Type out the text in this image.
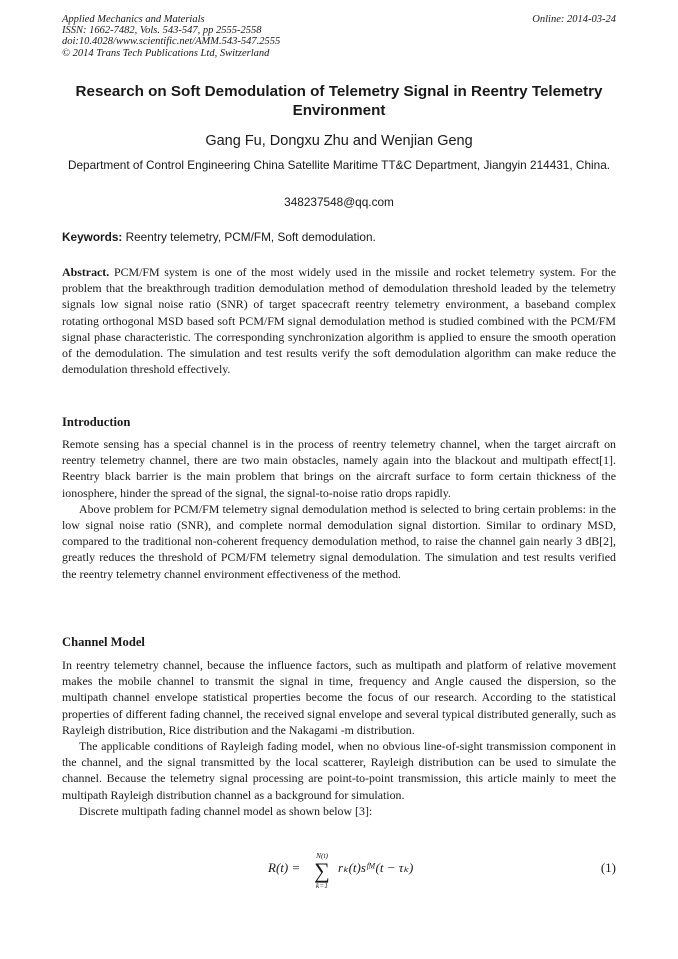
Applied Mechanics and Materials
ISSN: 1662-7482, Vols. 543-547, pp 2555-2558
doi:10.4028/www.scientific.net/AMM.543-547.2555
© 2014 Trans Tech Publications Ltd, Switzerland
Online: 2014-03-24
Research on Soft Demodulation of Telemetry Signal in Reentry Telemetry Environment
Gang Fu, Dongxu Zhu and Wenjian Geng
Department of Control Engineering China Satellite Maritime TT&C Department, Jiangyin 214431, China.
348237548@qq.com
Keywords: Reentry telemetry, PCM/FM, Soft demodulation.
Abstract. PCM/FM system is one of the most widely used in the missile and rocket telemetry system. For the problem that the breakthrough tradition demodulation method of demodulation threshold leaded by the telemetry signals low signal noise ratio (SNR) of target spacecraft reentry telemetry environment, a baseband complex rotating orthogonal MSD based soft PCM/FM signal demodulation method is studied combined with the PCM/FM signal phase characteristic. The corresponding synchronization algorithm is applied to ensure the smooth operation of the demodulation. The simulation and test results verify the soft demodulation algorithm can make reduce the demodulation threshold effectively.
Introduction

Remote sensing has a special channel is in the process of reentry telemetry channel, when the target aircraft on reentry telemetry channel, there are two main obstacles, namely again into the blackout and multipath effect[1]. Reentry black barrier is the main problem that brings on the aircraft surface to form certain thickness of the ionosphere, hinder the spread of the signal, the signal-to-noise ratio drops rapidly.

Above problem for PCM/FM telemetry signal demodulation method is selected to bring certain problems: in the low signal noise ratio (SNR), and complete normal demodulation signal distortion. Similar to ordinary MSD, compared to the traditional non-coherent frequency demodulation method, to raise the channel gain nearly 3 dB[2], greatly reduces the threshold of PCM/FM telemetry signal demodulation. The simulation and test results verified the reentry telemetry channel environment effectiveness of the method.

Channel Model

In reentry telemetry channel, because the influence factors, such as multipath and platform of relative movement makes the mobile channel to transmit the signal in time, frequency and Angle caused the dispersion, so the multipath channel envelope statistical properties become the focus of our research. According to the statistical properties of different fading channel, the received signal envelope and several typical distributed generally, such as Rayleigh distribution, Rice distribution and the Nakagami -m distribution.

The applicable conditions of Rayleigh fading model, when no obvious line-of-sight transmission component in the channel, and the signal transmitted by the local scatterer, Rayleigh distribution can be used to simulate the channel. Because the telemetry signal processing are point-to-point transmission, this article mainly to meet the multipath Rayleigh distribution channel as a background for simulation.

Discrete multipath fading channel model as shown below [3]:

R(t) =
N(t)
∑
k=1
rₖ(t)sᶠᴹ(t − τₖ)	(1)
